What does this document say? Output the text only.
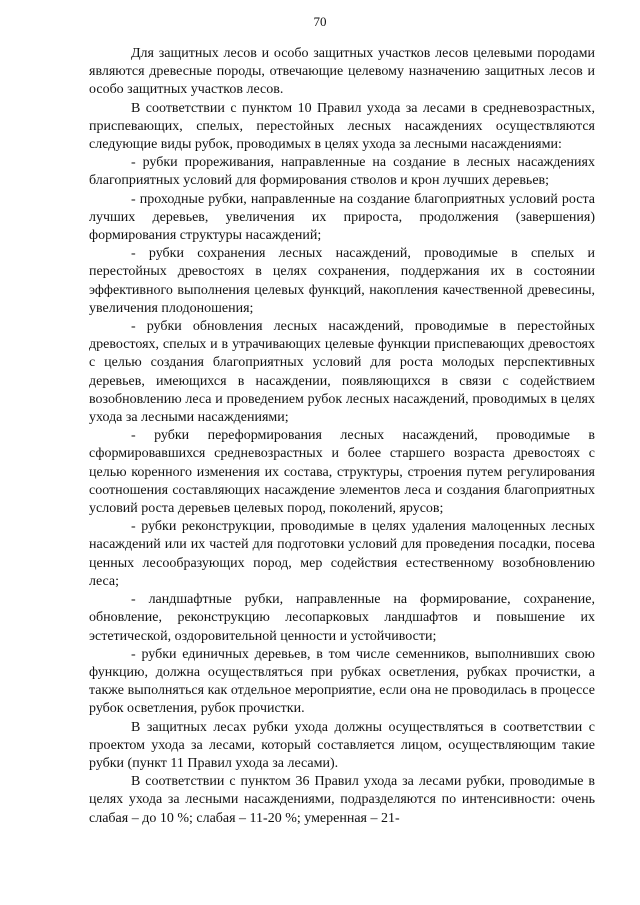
70

Для защитных лесов и особо защитных участков лесов целевыми породами являются древесные породы, отвечающие целевому назначению защитных лесов и особо защитных участков лесов.

В соответствии с пунктом 10 Правил ухода за лесами в средневозрастных, приспевающих, спелых, перестойных лесных насаждениях осуществляются следующие виды рубок, проводимых в целях ухода за лесными насаждениями:

- рубки прореживания, направленные на создание в лесных насаждениях благоприятных условий для формирования стволов и крон лучших деревьев;

- проходные рубки, направленные на создание благоприятных условий роста лучших деревьев, увеличения их прироста, продолжения (завершения) формирования структуры насаждений;

- рубки сохранения лесных насаждений, проводимые в спелых и перестойных древостоях в целях сохранения, поддержания их в состоянии эффективного выполнения целевых функций, накопления качественной древесины, увеличения плодоношения;

- рубки обновления лесных насаждений, проводимые в перестойных древостоях, спелых и в утрачивающих целевые функции приспевающих древостоях с целью создания благоприятных условий для роста молодых перспективных деревьев, имеющихся в насаждении, появляющихся в связи с содействием возобновлению леса и проведением рубок лесных насаждений, проводимых в целях ухода за лесными насаждениями;

- рубки переформирования лесных насаждений, проводимые в сформировавшихся средневозрастных и более старшего возраста древостоях с целью коренного изменения их состава, структуры, строения путем регулирования соотношения составляющих насаждение элементов леса и создания благоприятных условий роста деревьев целевых пород, поколений, ярусов;

- рубки реконструкции, проводимые в целях удаления малоценных лесных насаждений или их частей для подготовки условий для проведения посадки, посева ценных лесообразующих пород, мер содействия естественному возобновлению леса;

- ландшафтные рубки, направленные на формирование, сохранение, обновление, реконструкцию лесопарковых ландшафтов и повышение их эстетической, оздоровительной ценности и устойчивости;

- рубки единичных деревьев, в том числе семенников, выполнивших свою функцию, должна осуществляться при рубках осветления, рубках прочистки, а также выполняться как отдельное мероприятие, если она не проводилась в процессе рубок осветления, рубок прочистки.

В защитных лесах рубки ухода должны осуществляться в соответствии с проектом ухода за лесами, который составляется лицом, осуществляющим такие рубки (пункт 11 Правил ухода за лесами).

В соответствии с пунктом 36 Правил ухода за лесами рубки, проводимые в целях ухода за лесными насаждениями, подразделяются по интенсивности: очень слабая – до 10 %; слабая – 11-20 %; умеренная – 21-
